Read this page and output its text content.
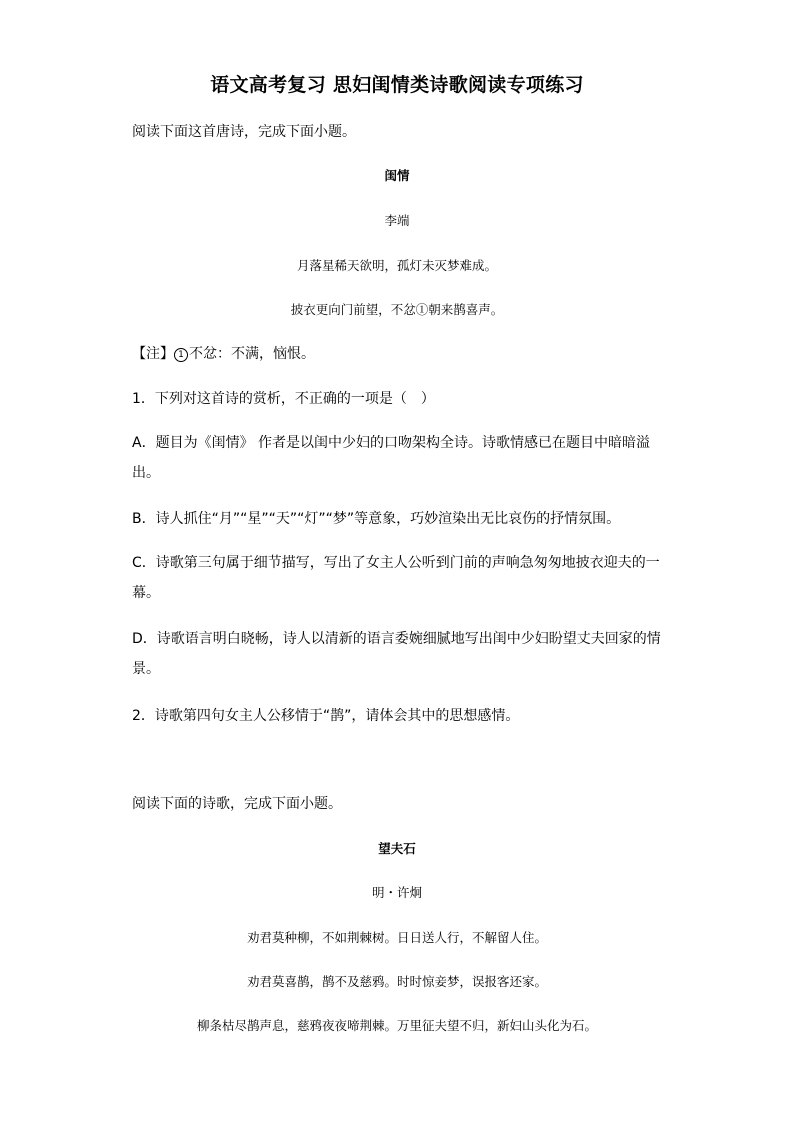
语文高考复习 思妇闺情类诗歌阅读专项练习
阅读下面这首唐诗，完成下面小题。
闺情
李端
月落星稀天欲明，孤灯未灭梦难成。
披衣更向门前望，不忿①朝来鹊喜声。
【注】 1 不忿：不满，恼恨。
1．下列对这首诗的赏析，不正确的一项是（　）
A．题目为《闺情》 作者是以闺中少妇的口吻架构全诗。诗歌情感已在题目中暗暗溢出。
B．诗人抓住“月”“星”“天”“灯”“梦”等意象，巧妙渲染出无比哀伤的抒情氛围。
C．诗歌第三句属于细节描写，写出了女主人公听到门前的声响急匆匆地披衣迎夫的一幕。
D．诗歌语言明白晓畅，诗人以清新的语言委婉细腻地写出闺中少妇盼望丈夫回家的情景。
2．诗歌第四句女主人公移情于“鹊”，请体会其中的思想感情。
阅读下面的诗歌，完成下面小题。
望夫石
明・许炯
劝君莫种柳，不如荆棘树。日日送人行，不解留人住。
劝君莫喜鹊，鹊不及慈鸦。时时惊妾梦，误报客还家。
柳条枯尽鹊声息，慈鸦夜夜啼荆棘。万里征夫望不归，新妇山头化为石。
